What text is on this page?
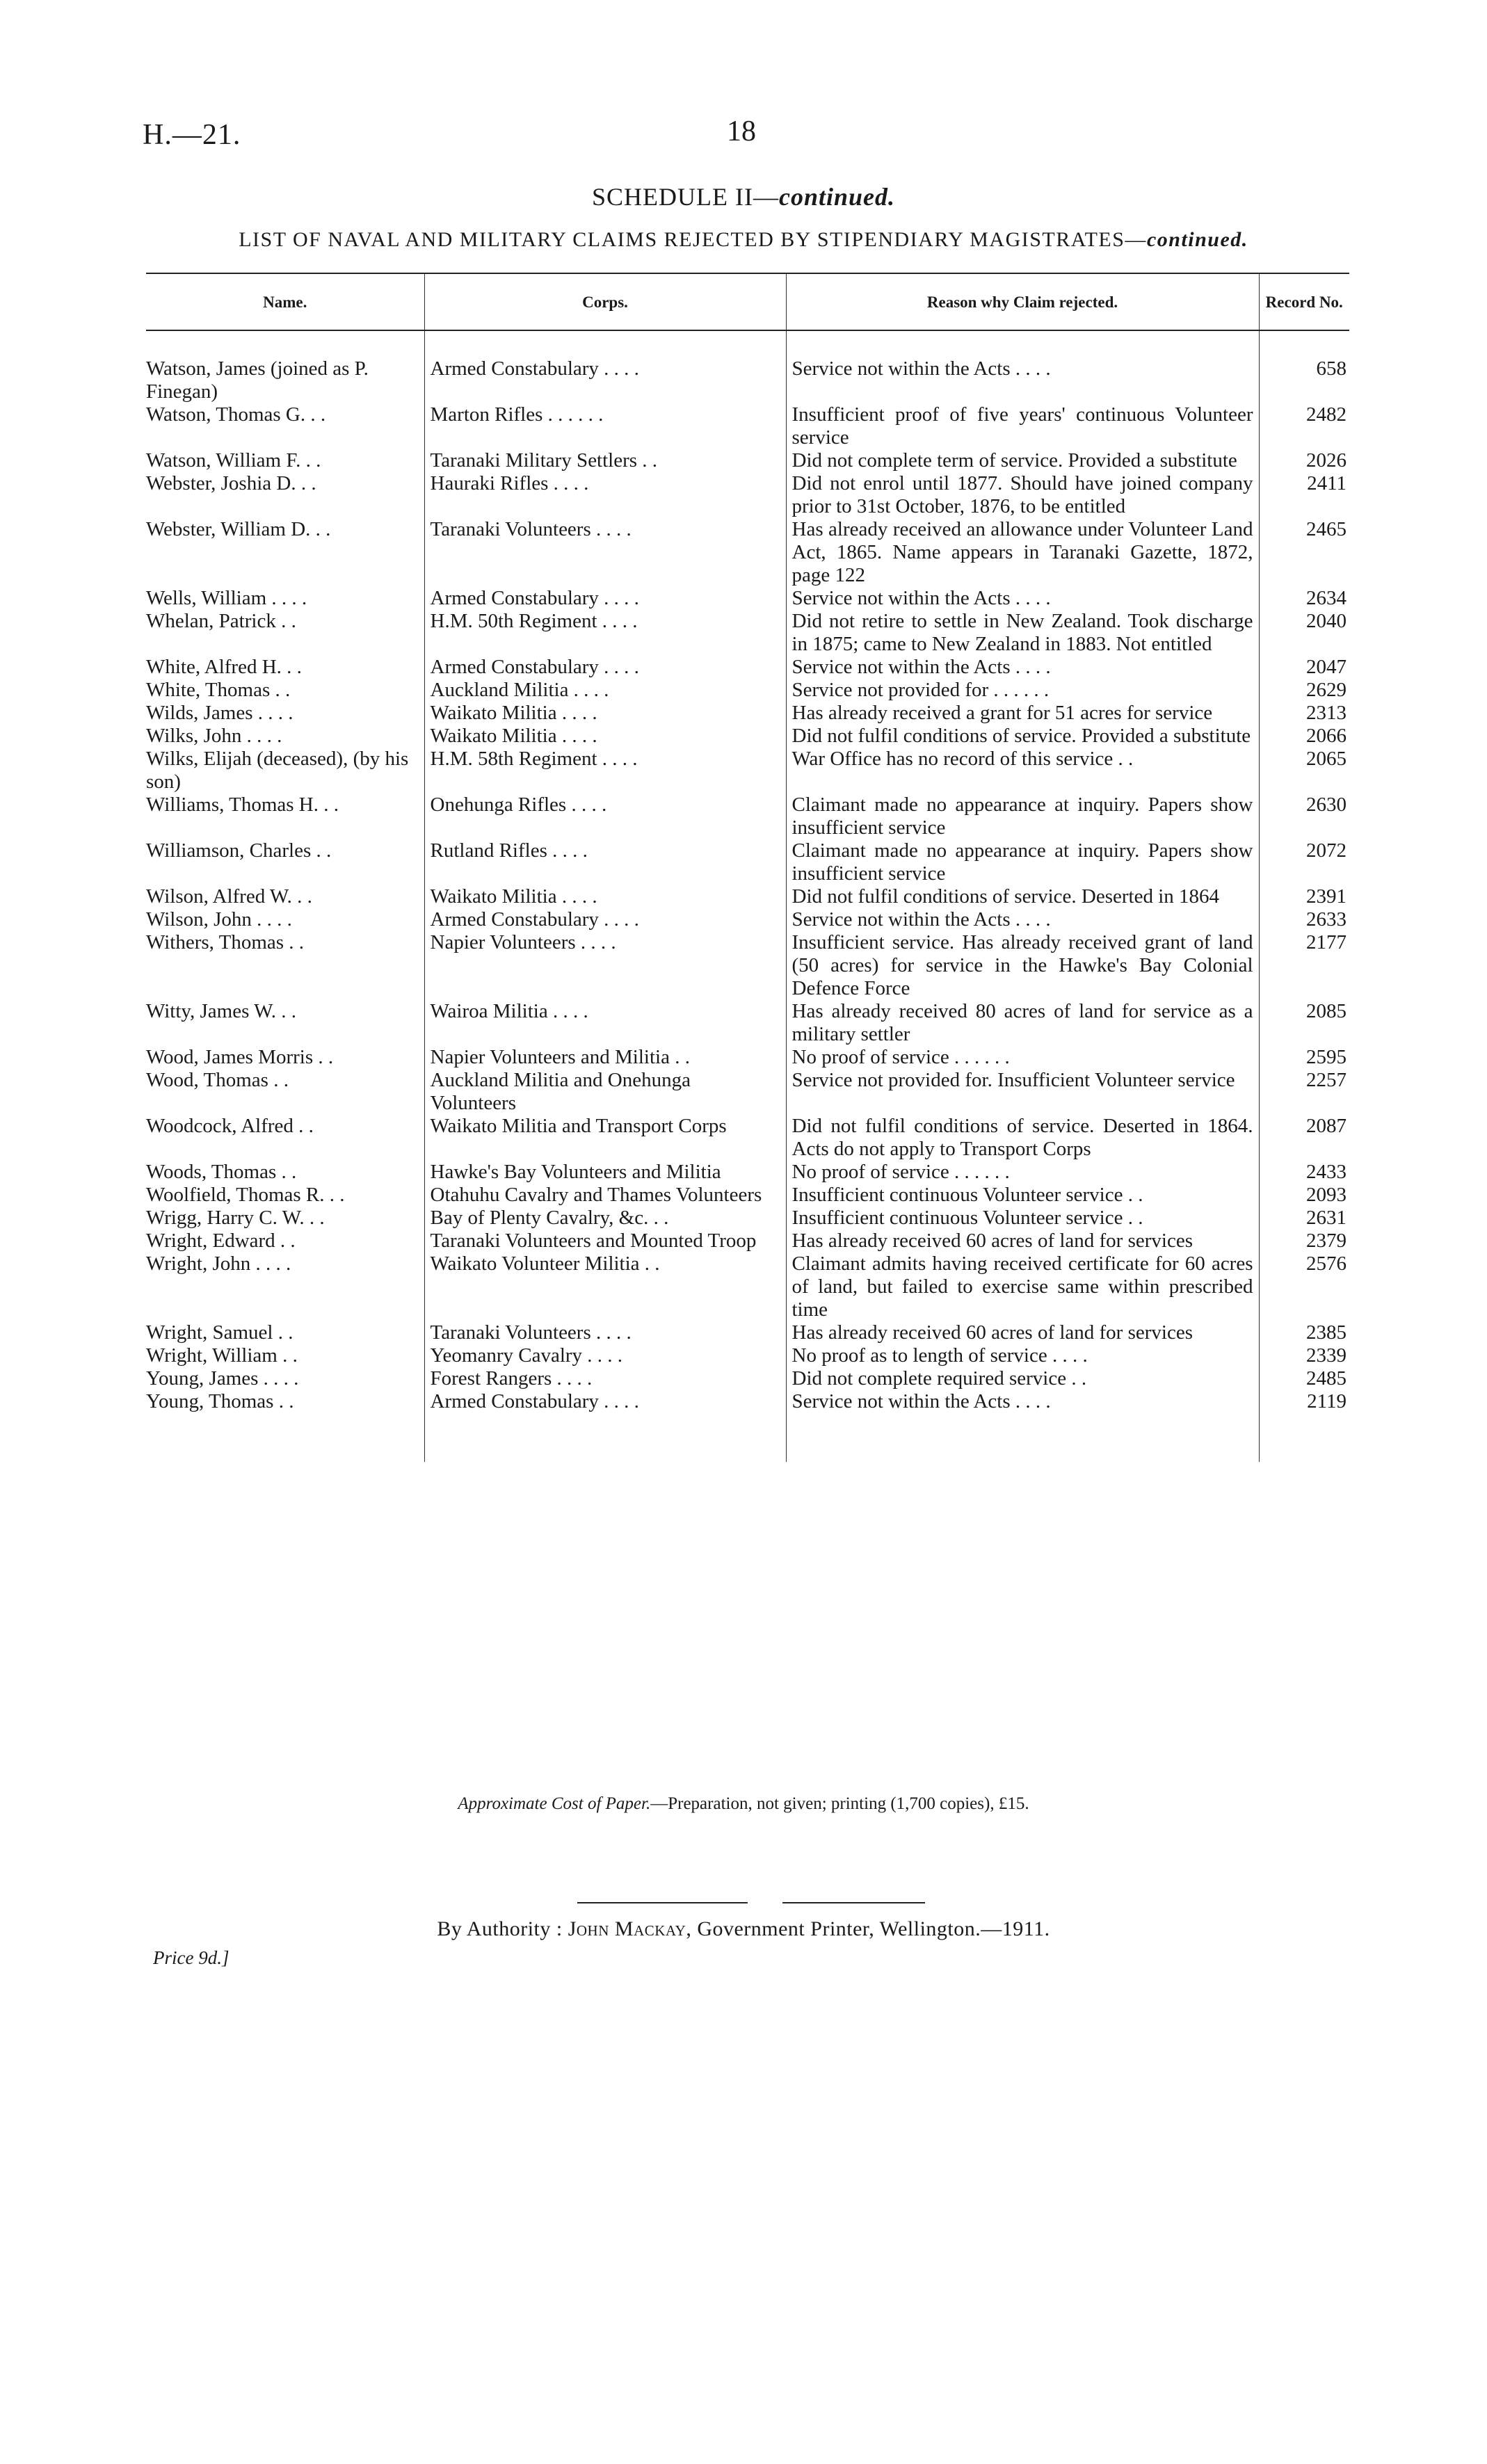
H.—21.	18
SCHEDULE II—continued.
LIST OF NAVAL AND MILITARY CLAIMS REJECTED BY STIPENDIARY MAGISTRATES—continued.
Name.	Corps.	Reason why Claim rejected.	Record No.

Watson, James (joined as P. Finegan)	Armed Constabulary . . . .	Service not within the Acts . . . .	658
Watson, Thomas G. . .	Marton Rifles . . . . . .	Insufficient proof of five years' continuous Volunteer service	2482
Watson, William F. . .	Taranaki Military Settlers . .	Did not complete term of service. Provided a substitute	2026
Webster, Joshia D. . .	Hauraki Rifles . . . .	Did not enrol until 1877. Should have joined company prior to 31st October, 1876, to be entitled	2411
Webster, William D. . .	Taranaki Volunteers . . . .	Has already received an allowance under Volunteer Land Act, 1865. Name appears in Taranaki Gazette, 1872, page 122	2465
Wells, William . . . .	Armed Constabulary . . . .	Service not within the Acts . . . .	2634
Whelan, Patrick . .	H.M. 50th Regiment . . . .	Did not retire to settle in New Zealand. Took discharge in 1875; came to New Zealand in 1883. Not entitled	2040
White, Alfred H. . .	Armed Constabulary . . . .	Service not within the Acts . . . .	2047
White, Thomas . .	Auckland Militia . . . .	Service not provided for . . . . . .	2629
Wilds, James . . . .	Waikato Militia . . . .	Has already received a grant for 51 acres for service	2313
Wilks, John . . . .	Waikato Militia . . . .	Did not fulfil conditions of service. Provided a substitute	2066
Wilks, Elijah (deceased), (by his son)	H.M. 58th Regiment . . . .	War Office has no record of this service . .	2065
Williams, Thomas H. . .	Onehunga Rifles . . . .	Claimant made no appearance at inquiry. Papers show insufficient service	2630
Williamson, Charles . .	Rutland Rifles . . . .	Claimant made no appearance at inquiry. Papers show insufficient service	2072
Wilson, Alfred W. . .	Waikato Militia . . . .	Did not fulfil conditions of service. Deserted in 1864	2391
Wilson, John . . . .	Armed Constabulary . . . .	Service not within the Acts . . . .	2633
Withers, Thomas . .	Napier Volunteers . . . .	Insufficient service. Has already received grant of land (50 acres) for service in the Hawke's Bay Colonial Defence Force	2177
Witty, James W. . .	Wairoa Militia . . . .	Has already received 80 acres of land for service as a military settler	2085
Wood, James Morris . .	Napier Volunteers and Militia . .	No proof of service . . . . . .	2595
Wood, Thomas . .	Auckland Militia and Onehunga Volunteers	Service not provided for. Insufficient Volunteer service	2257
Woodcock, Alfred . .	Waikato Militia and Transport Corps	Did not fulfil conditions of service. Deserted in 1864. Acts do not apply to Transport Corps	2087
Woods, Thomas . .	Hawke's Bay Volunteers and Militia	No proof of service . . . . . .	2433
Woolfield, Thomas R. . .	Otahuhu Cavalry and Thames Volunteers	Insufficient continuous Volunteer service . .	2093
Wrigg, Harry C. W. . .	Bay of Plenty Cavalry, &c. . .	Insufficient continuous Volunteer service . .	2631
Wright, Edward . .	Taranaki Volunteers and Mounted Troop	Has already received 60 acres of land for services	2379
Wright, John . . . .	Waikato Volunteer Militia . .	Claimant admits having received certificate for 60 acres of land, but failed to exercise same within prescribed time	2576
Wright, Samuel . .	Taranaki Volunteers . . . .	Has already received 60 acres of land for services	2385
Wright, William . .	Yeomanry Cavalry . . . .	No proof as to length of service . . . .	2339
Young, James . . . .	Forest Rangers . . . .	Did not complete required service . .	2485
Young, Thomas . .	Armed Constabulary . . . .	Service not within the Acts . . . .	2119

Approximate Cost of Paper.—Preparation, not given; printing (1,700 copies), £15.
By Authority : John Mackay, Government Printer, Wellington.—1911.
Price 9d.]
